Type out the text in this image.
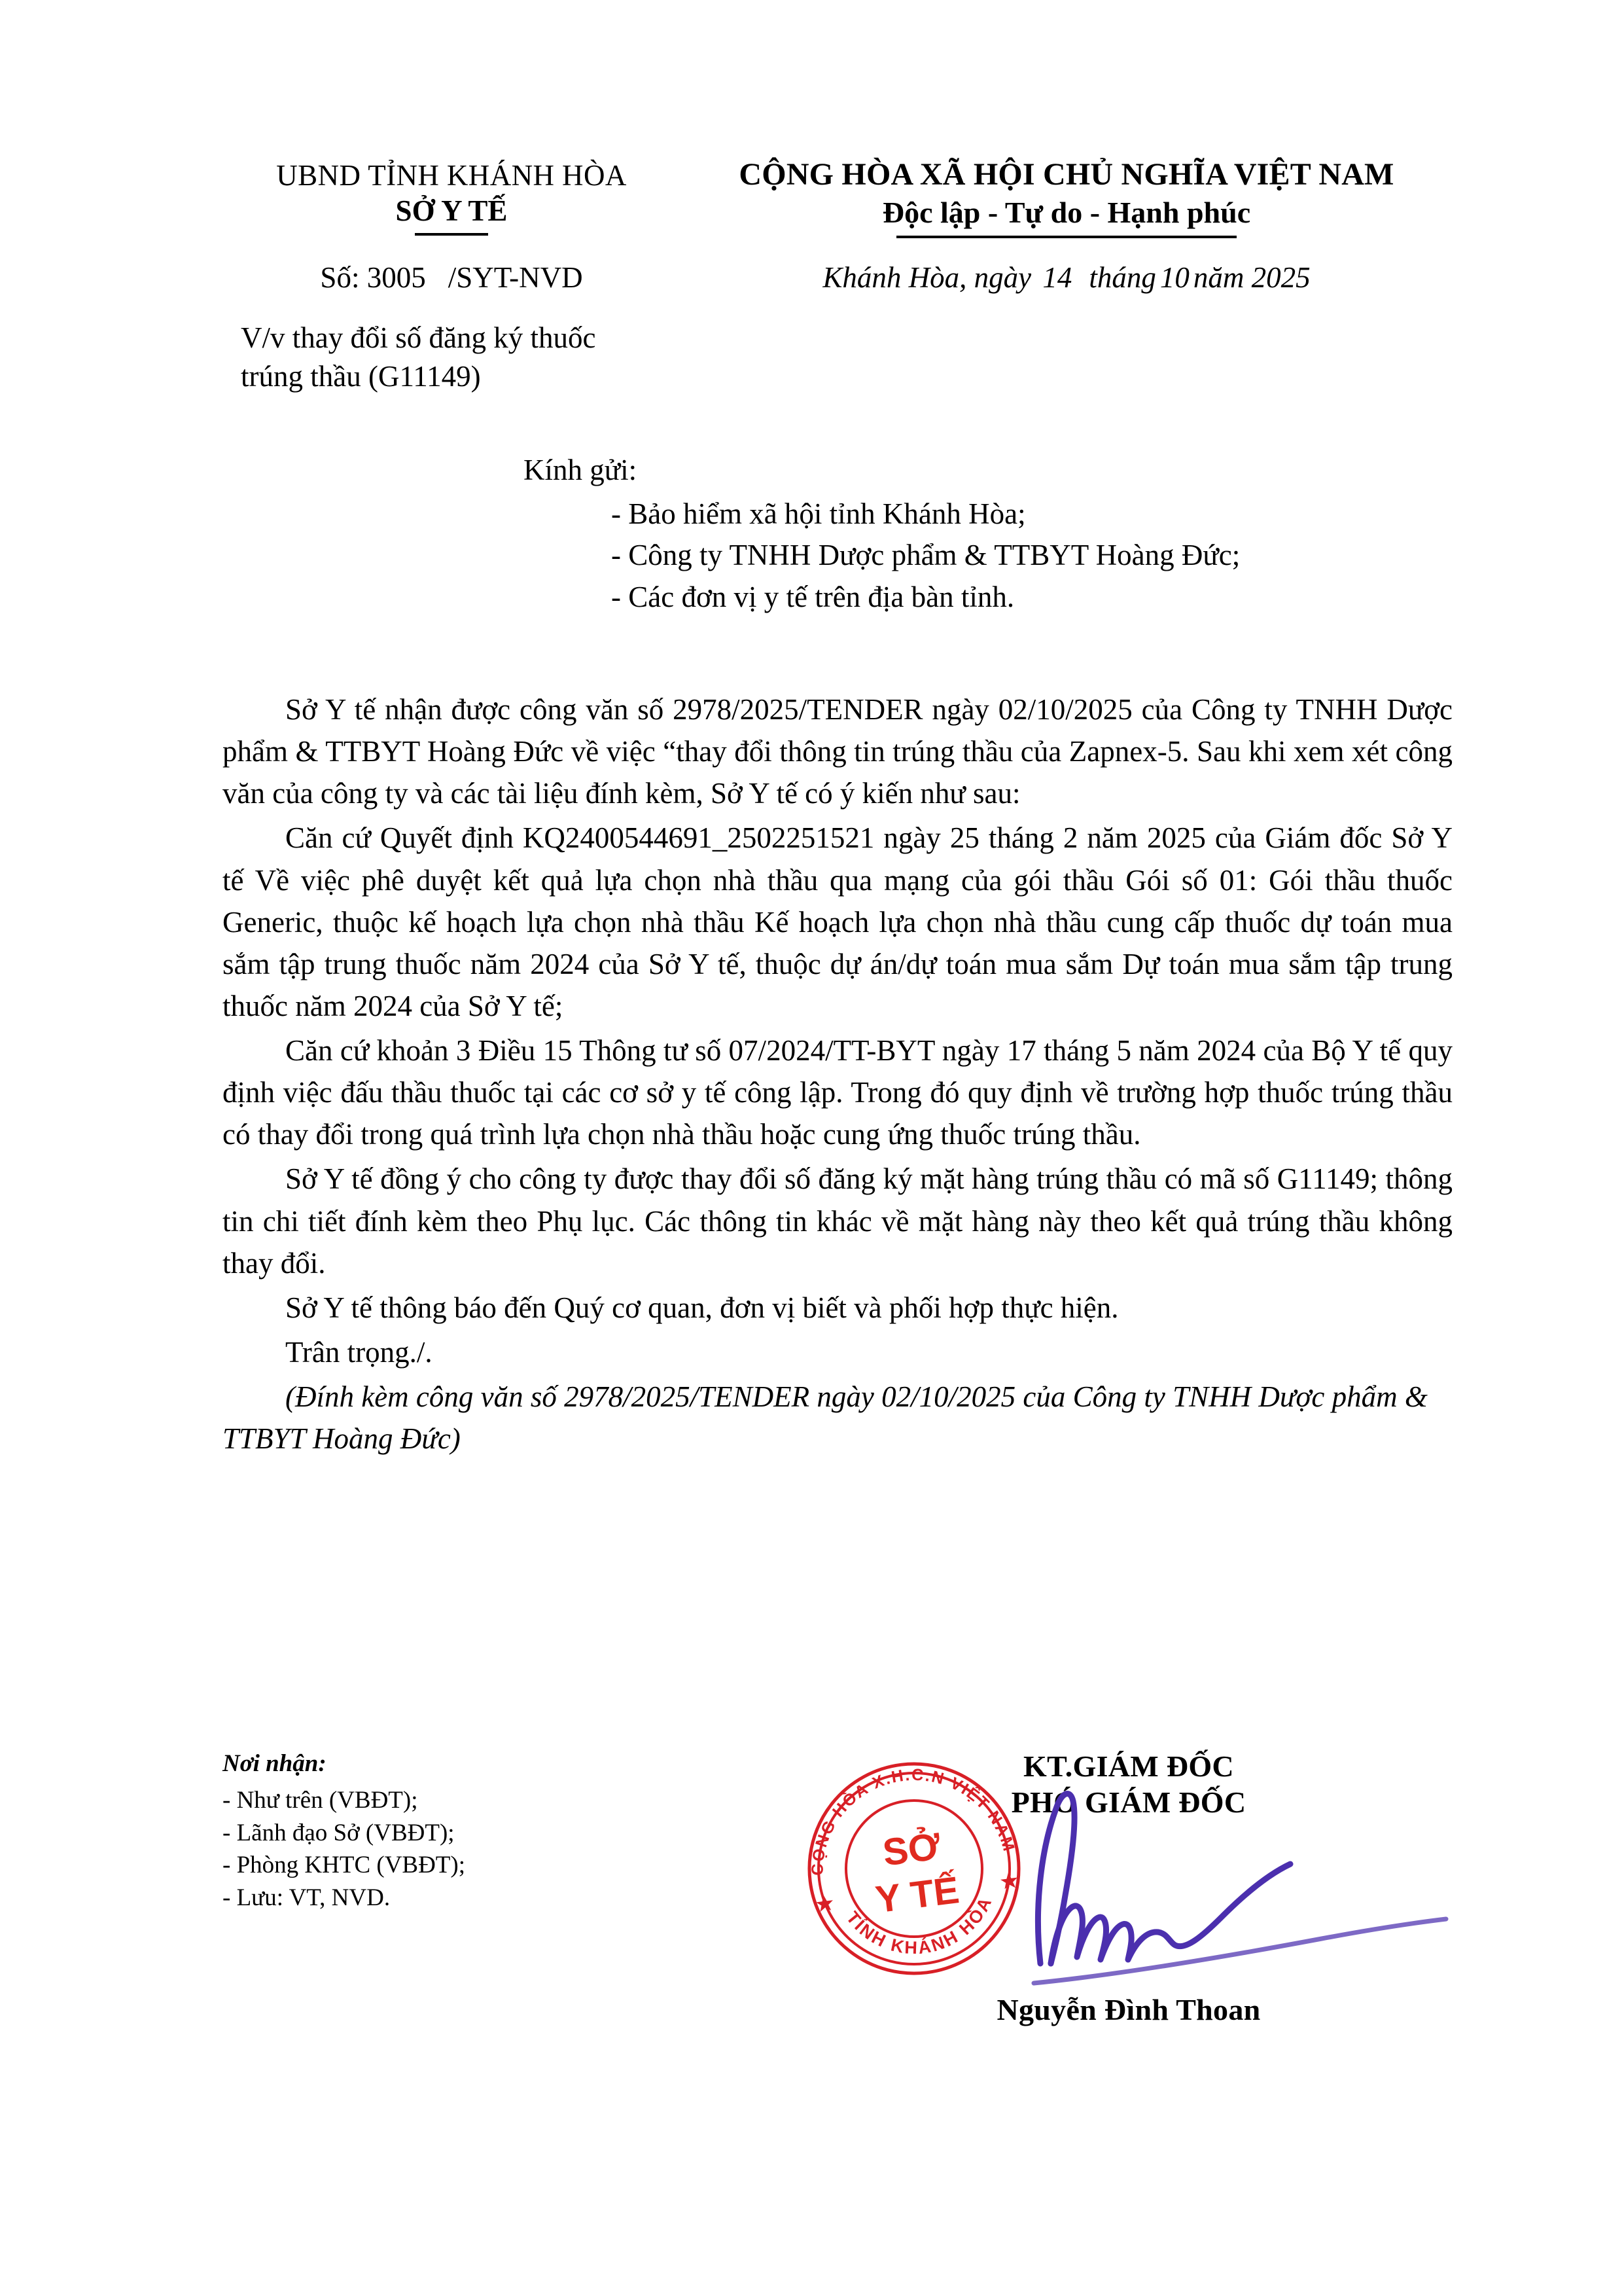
UBND TỈNH KHÁNH HÒA
SỞ Y TẾ
CỘNG HÒA XÃ HỘI CHỦ NGHĨA VIỆT NAM
Độc lập - Tự do - Hạnh phúc
Số: 3005 /SYT-NVD	Khánh Hòa, ngày 14 tháng 10 năm 2025
V/v thay đổi số đăng ký thuốc
trúng thầu (G11149)
Kính gửi:
- Bảo hiểm xã hội tỉnh Khánh Hòa;
- Công ty TNHH Dược phẩm & TTBYT Hoàng Đức;
- Các đơn vị y tế trên địa bàn tỉnh.

Sở Y tế nhận được công văn số 2978/2025/TENDER ngày 02/10/2025 của Công ty TNHH Dược phẩm & TTBYT Hoàng Đức về việc “thay đổi thông tin trúng thầu của Zapnex-5. Sau khi xem xét công văn của công ty và các tài liệu đính kèm, Sở Y tế có ý kiến như sau:

Căn cứ Quyết định KQ2400544691_2502251521 ngày 25 tháng 2 năm 2025 của Giám đốc Sở Y tế Về việc phê duyệt kết quả lựa chọn nhà thầu qua mạng của gói thầu Gói số 01: Gói thầu thuốc Generic, thuộc kế hoạch lựa chọn nhà thầu Kế hoạch lựa chọn nhà thầu cung cấp thuốc dự toán mua sắm tập trung thuốc năm 2024 của Sở Y tế, thuộc dự án/dự toán mua sắm Dự toán mua sắm tập trung thuốc năm 2024 của Sở Y tế;

Căn cứ khoản 3 Điều 15 Thông tư số 07/2024/TT-BYT ngày 17 tháng 5 năm 2024 của Bộ Y tế quy định việc đấu thầu thuốc tại các cơ sở y tế công lập. Trong đó quy định về trường hợp thuốc trúng thầu có thay đổi trong quá trình lựa chọn nhà thầu hoặc cung ứng thuốc trúng thầu.

Sở Y tế đồng ý cho công ty được thay đổi số đăng ký mặt hàng trúng thầu có mã số G11149; thông tin chi tiết đính kèm theo Phụ lục. Các thông tin khác về mặt hàng này theo kết quả trúng thầu không thay đổi.

Sở Y tế thông báo đến Quý cơ quan, đơn vị biết và phối hợp thực hiện.

Trân trọng./.

(Đính kèm công văn số 2978/2025/TENDER ngày 02/10/2025 của Công ty TNHH Dược phẩm & TTBYT Hoàng Đức)

Nơi nhận:
- Như trên (VBĐT);
- Lãnh đạo Sở (VBĐT);
- Phòng KHTC (VBĐT);
- Lưu: VT, NVD.
KT.GIÁM ĐỐC
PHÓ GIÁM ĐỐC
Nguyễn Đình Thoan
CỘNG HÒA X.H.C.N VIỆT NAM
TỈNH KHÁNH HÒA
SỞ
Y TẾ
